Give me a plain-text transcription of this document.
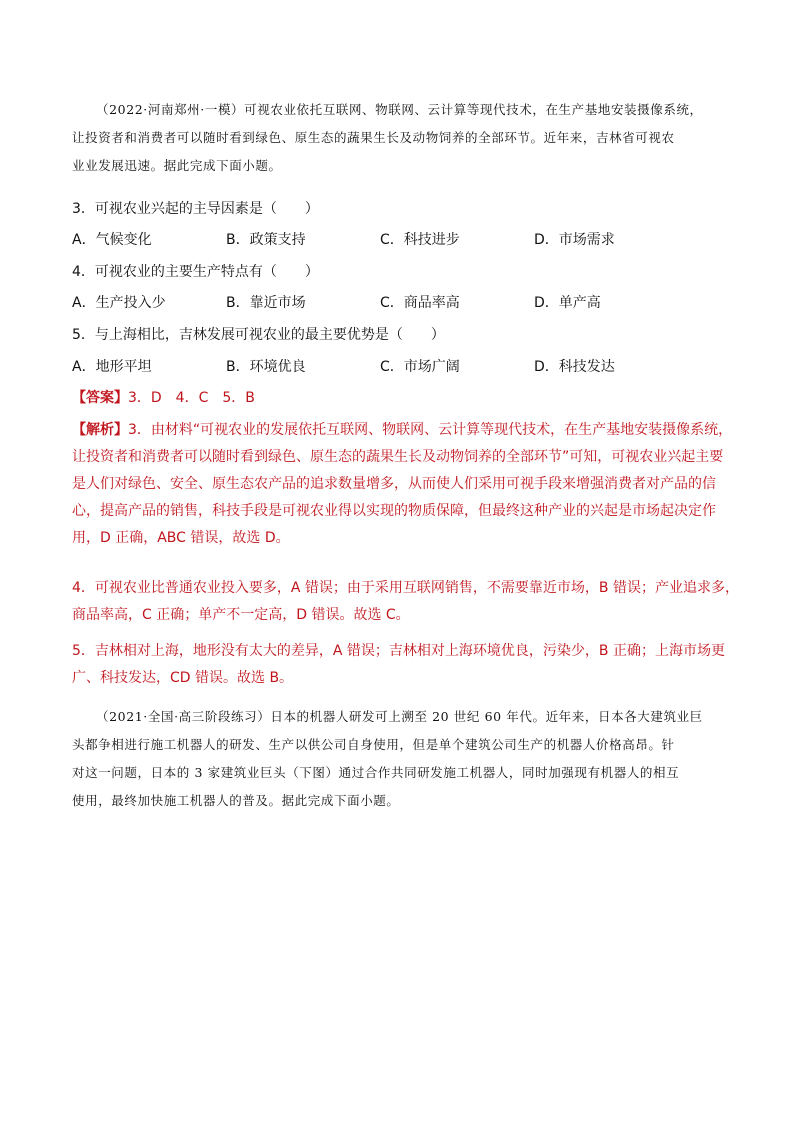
（2022·河南郑州·一模）可视农业依托互联网、物联网、云计算等现代技术，在生产基地安装摄像系统，
让投资者和消费者可以随时看到绿色、原生态的蔬果生长及动物饲养的全部环节。近年来，吉林省可视农
业业发展迅速。据此完成下面小题。
3．可视农业兴起的主导因素是（　　）
A．气候变化	B．政策支持	C．科技进步	D．市场需求
4．可视农业的主要生产特点有（　　）
A．生产投入少	B．靠近市场	C．商品率高	D．单产高
5．与上海相比，吉林发展可视农业的最主要优势是（　　）
A．地形平坦	B．环境优良	C．市场广阔	D．科技发达
【答案】3．D　4．C　5．B
【解析】3．由材料“可视农业的发展依托互联网、物联网、云计算等现代技术，在生产基地安装摄像系统，
让投资者和消费者可以随时看到绿色、原生态的蔬果生长及动物饲养的全部环节”可知，可视农业兴起主要
是人们对绿色、安全、原生态农产品的追求数量增多，从而使人们采用可视手段来增强消费者对产品的信
心，提高产品的销售，科技手段是可视农业得以实现的物质保障，但最终这种产业的兴起是市场起决定作
用，D 正确，ABC 错误，故选 D。
4．可视农业比普通农业投入要多，A 错误；由于采用互联网销售，不需要靠近市场，B 错误；产业追求多，
商品率高，C 正确；单产不一定高，D 错误。故选 C。
5．吉林相对上海，地形没有太大的差异，A 错误；吉林相对上海环境优良，污染少，B 正确；上海市场更
广、科技发达，CD 错误。故选 B。
（2021·全国·高三阶段练习）日本的机器人研发可上溯至 20 世纪 60 年代。近年来，日本各大建筑业巨
头都争相进行施工机器人的研发、生产以供公司自身使用，但是单个建筑公司生产的机器人价格高昂。针
对这一问题，日本的 3 家建筑业巨头（下图）通过合作共同研发施工机器人，同时加强现有机器人的相互
使用，最终加快施工机器人的普及。据此完成下面小题。
